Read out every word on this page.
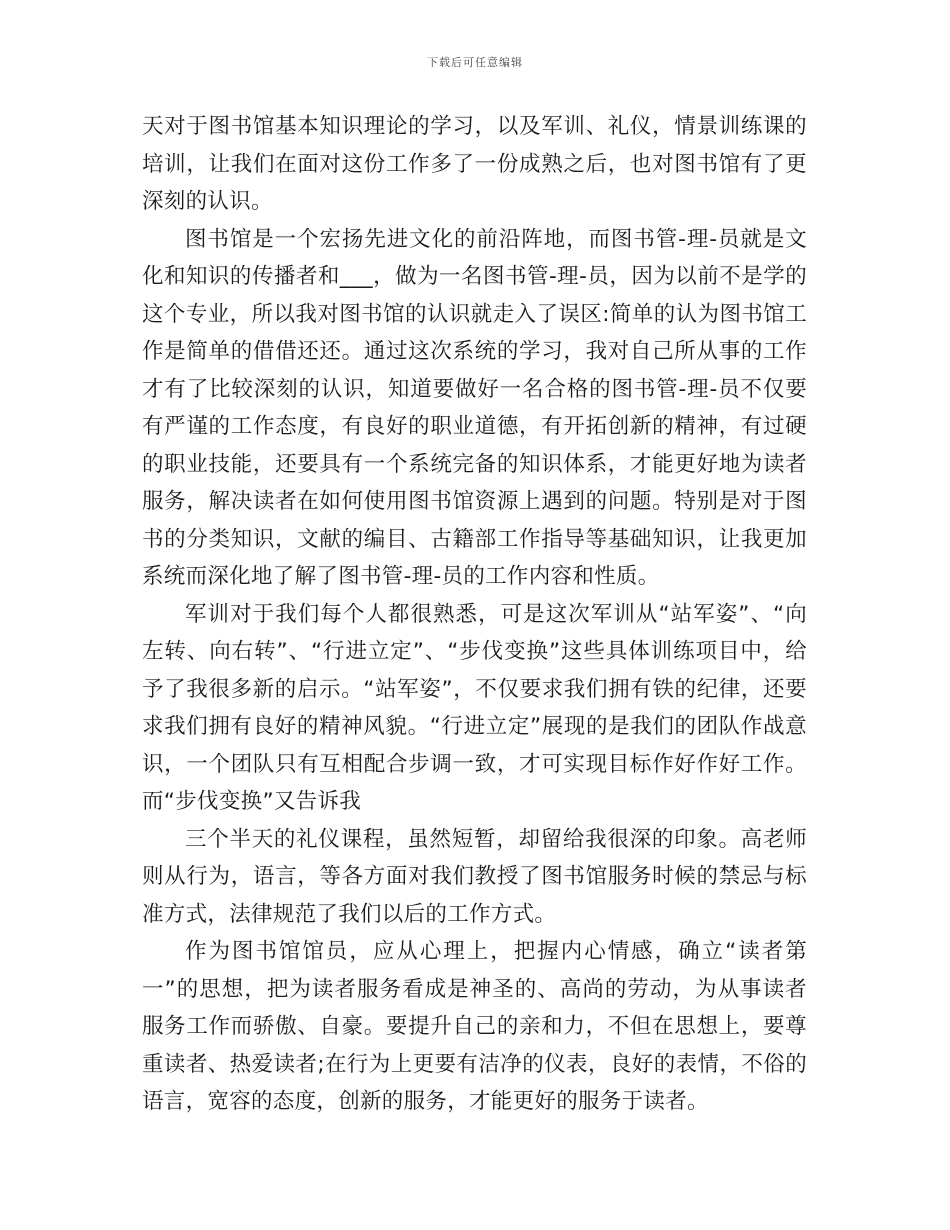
下载后可任意编辑

天对于图书馆基本知识理论的学习，以及军训、礼仪，情景训练课的培训，让我们在面对这份工作多了一份成熟之后，也对图书馆有了更深刻的认识。

图书馆是一个宏扬先进文化的前沿阵地，而图书管-理-员就是文化和知识的传播者和___，做为一名图书管-理-员，因为以前不是学的这个专业，所以我对图书馆的认识就走入了误区:简单的认为图书馆工作是简单的借借还还。通过这次系统的学习，我对自己所从事的工作才有了比较深刻的认识，知道要做好一名合格的图书管-理-员不仅要有严谨的工作态度，有良好的职业道德，有开拓创新的精神，有过硬的职业技能，还要具有一个系统完备的知识体系，才能更好地为读者服务，解决读者在如何使用图书馆资源上遇到的问题。特别是对于图书的分类知识，文献的编目、古籍部工作指导等基础知识，让我更加系统而深化地了解了图书管-理-员的工作内容和性质。

军训对于我们每个人都很熟悉，可是这次军训从“站军姿”、“向左转、向右转”、“行进立定”、“步伐变换”这些具体训练项目中，给予了我很多新的启示。“站军姿”，不仅要求我们拥有铁的纪律，还要求我们拥有良好的精神风貌。“行进立定”展现的是我们的团队作战意识，一个团队只有互相配合步调一致，才可实现目标作好作好工作。而“步伐变换”又告诉我

三个半天的礼仪课程，虽然短暂，却留给我很深的印象。高老师则从行为，语言，等各方面对我们教授了图书馆服务时候的禁忌与标准方式，法律规范了我们以后的工作方式。

作为图书馆馆员，应从心理上，把握内心情感，确立“读者第一”的思想，把为读者服务看成是神圣的、高尚的劳动，为从事读者服务工作而骄傲、自豪。要提升自己的亲和力，不但在思想上，要尊重读者、热爱读者;在行为上更要有洁净的仪表，良好的表情，不俗的语言，宽容的态度，创新的服务，才能更好的服务于读者。
